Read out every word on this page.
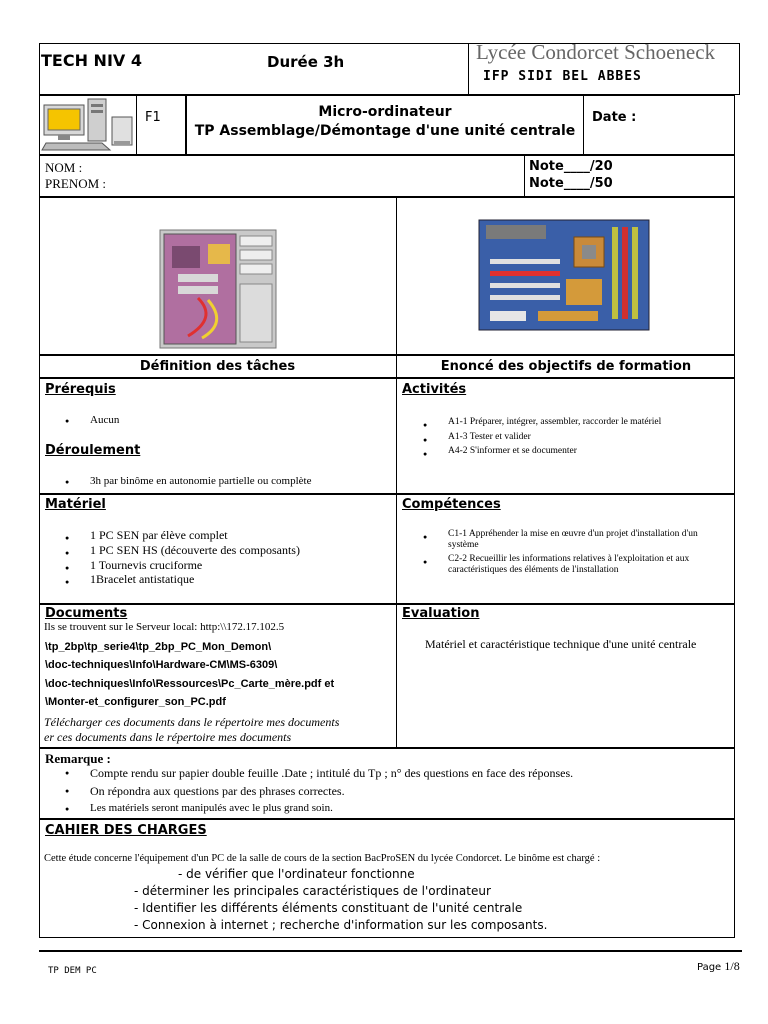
TECH NIV 4	Durée 3h	Lycée Condorcet Schoeneck
IFP SIDI BEL ABBES
F1	Micro-ordinateur
TP Assemblage/Démontage d'une unité centrale
Date :
NOM :
PRENOM :
Note____/20
Note____/50
Définition des tâches	Enoncé des objectifs de formation
Prérequis
● Aucun
Déroulement
● 3h par binôme en autonomie partielle ou complète
Activités
● A1-1 Préparer, intégrer, assembler, raccorder le matériel
● A1-3 Tester et valider
● A4-2 S'informer et se documenter
Matériel
● 1 PC SEN par élève complet
● 1 PC SEN HS (découverte des composants)
● 1 Tournevis cruciforme
● 1Bracelet antistatique
Compétences
● C1-1 Appréhender la mise en œuvre d'un projet d'installation d'un
système
● C2-2 Recueillir les informations relatives à l'exploitation et aux
caractéristiques des éléments de l'installation
Documents
Ils se trouvent sur le Serveur local: http:\\172.17.102.5
\tp_2bp\tp_serie4\tp_2bp_PC_Mon_Demon\
\doc-techniques\Info\Hardware-CM\MS-6309\
\doc-techniques\Info\Ressources\Pc_Carte_mère.pdf et
\Monter-et_configurer_son_PC.pdf
Télécharger ces documents dans le répertoire mes documents
er ces documents dans le répertoire mes documents
Evaluation
Matériel et caractéristique technique d'une unité centrale
Remarque :
● Compte rendu sur papier double feuille .Date ; intitulé du Tp ; n° des questions en face des réponses.
● On répondra aux questions par des phrases correctes.
● Les matériels seront manipulés avec le plus grand soin.
CAHIER DES CHARGES
Cette étude concerne l'équipement d'un PC de la salle de cours de la section BacProSEN du lycée Condorcet. Le binôme est chargé :
- de vérifier que l'ordinateur fonctionne
- déterminer les principales caractéristiques de l'ordinateur
- Identifier les différents éléments constituant de l'unité centrale
- Connexion à internet ; recherche d'information sur les composants.
TP DEM PC	Page 1/8
